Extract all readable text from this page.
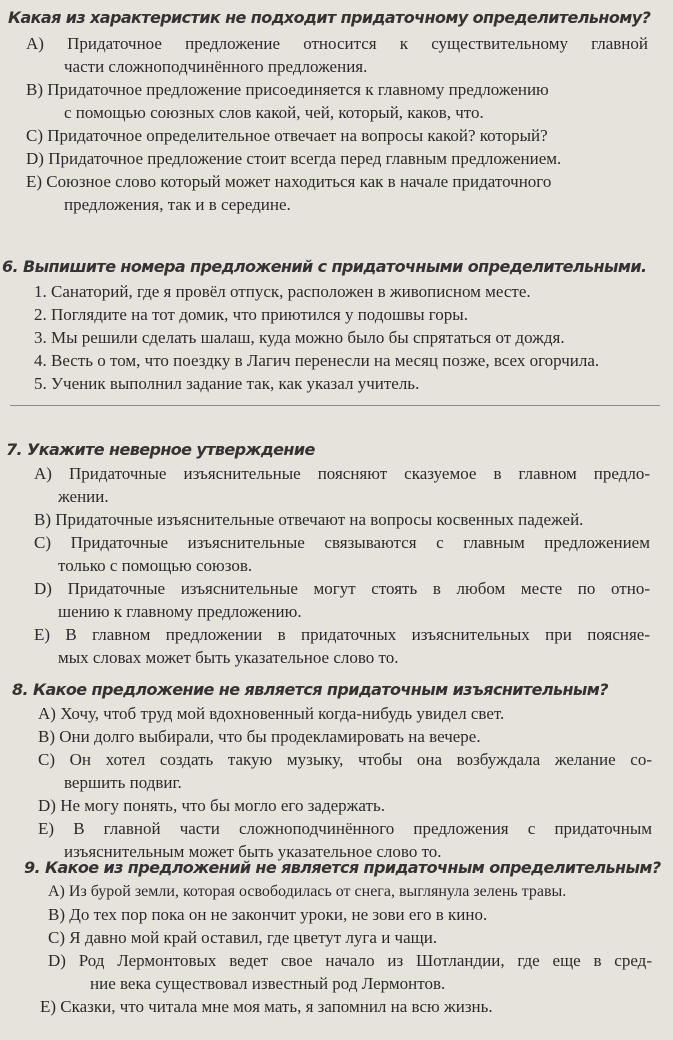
Какая из характеристик не подходит придаточному определительному?

A) Придаточное предложение относится к существительному главной

части сложноподчинённого предложения.

B) Придаточное предложение присоединяется к главному предложению

с помощью союзных слов какой, чей, который, каков, что.

C) Придаточное определительное отвечает на вопросы какой? который?

D) Придаточное предложение стоит всегда перед главным предложением.

E) Союзное слово который может находиться как в начале придаточного

предложения, так и в середине.

6. Выпишите номера предложений с придаточными определительными.

1. Санаторий, где я провёл отпуск, расположен в живописном месте.

2. Поглядите на тот домик, что приютился у подошвы горы.

3. Мы решили сделать шалаш, куда можно было бы спрятаться от дождя.

4. Весть о том, что поездку в Лагич перенесли на месяц позже, всех огорчила.

5. Ученик выполнил задание так, как указал учитель.

7. Укажите неверное утверждение

A) Придаточные изъяснительные поясняют сказуемое в главном предло-

жении.

B) Придаточные изъяснительные отвечают на вопросы косвенных падежей.

C) Придаточные изъяснительные связываются с главным предложением

только с помощью союзов.

D) Придаточные изъяснительные могут стоять в любом месте по отно-

шению к главному предложению.

E) В главном предложении в придаточных изъяснительных при поясняе-

мых словах может быть указательное слово то.

8. Какое предложение не является придаточным изъяснительным?

A) Хочу, чтоб труд мой вдохновенный когда-нибудь увидел свет.

B) Они долго выбирали, что бы продекламировать на вечере.

C) Он хотел создать такую музыку, чтобы она возбуждала желание со-

вершить подвиг.

D) Не могу понять, что бы могло его задержать.

E) В главной части сложноподчинённого предложения с придаточным

изъяснительным может быть указательное слово то.

9. Какое из предложений не является придаточным определительным?

A) Из бурой земли, которая освободилась от снега, выглянула зелень травы.

B) До тех пор пока он не закончит уроки, не зови его в кино.

C) Я давно мой край оставил, где цветут луга и чащи.

D) Род Лермонтовых ведет свое начало из Шотландии, где еще в сред-

ние века существовал известный род Лермонтов.

E) Сказки, что читала мне моя мать, я запомнил на всю жизнь.
